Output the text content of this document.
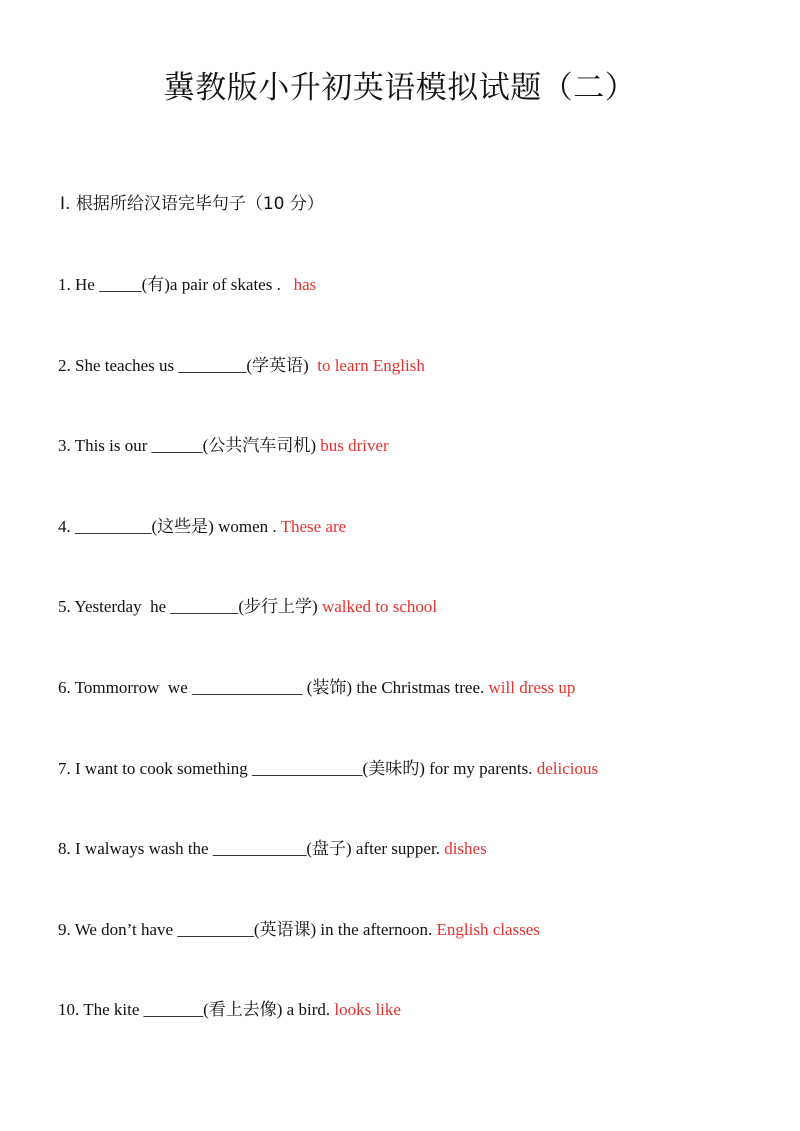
冀教版小升初英语模拟试题（二）
Ⅰ. 根据所给汉语完毕句子（10 分）
1. He _____(有)a pair of skates .   has
2. She teaches us ________(学英语)  to learn English
3. This is our ______(公共汽车司机) bus driver
4. _________(这些是) women . These are
5. Yesterday  he ________(步行上学) walked to school
6. Tommorrow  we _____________ (装饰) the Christmas tree. will dress up
7. I want to cook something _____________(美味旳) for my parents. delicious
8. I walways wash the ___________(盘子) after supper. dishes
9. We don’t have _________(英语课) in the afternoon. English classes
10. The kite _______(看上去像) a bird. looks like
